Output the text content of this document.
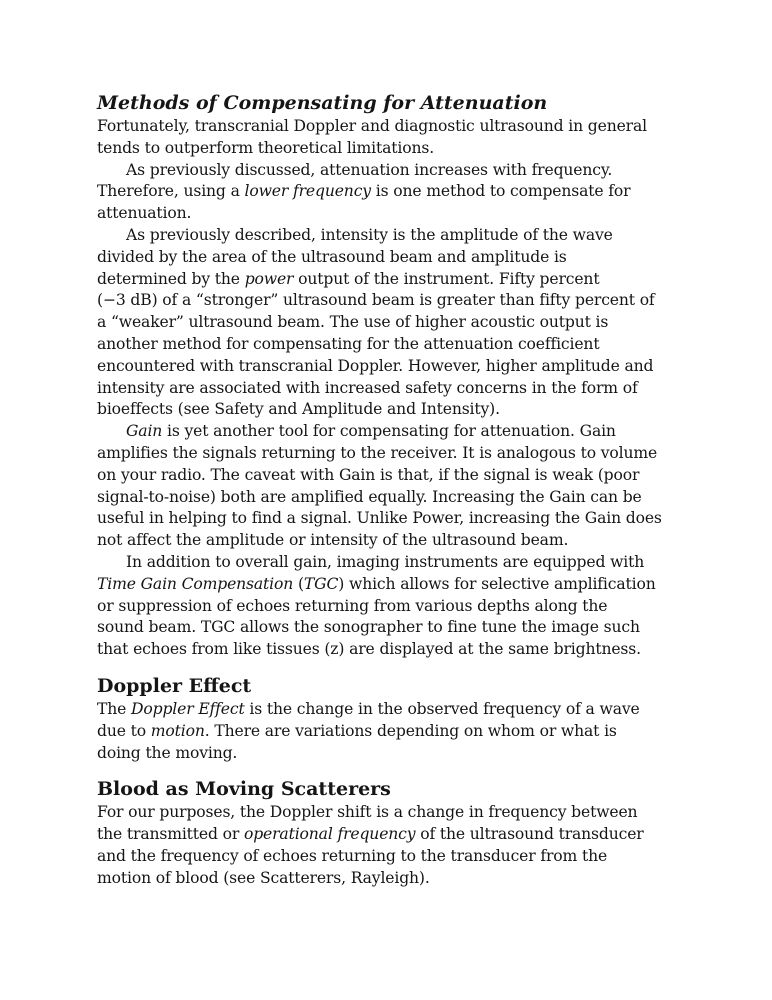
Methods of Compensating for Attenuation

Fortunately, transcranial Doppler and diagnostic ultrasound in general
tends to outperform theoretical limitations.

As previously discussed, attenuation increases with frequency.
Therefore, using a lower frequency is one method to compensate for
attenuation.

As previously described, intensity is the amplitude of the wave
divided by the area of the ultrasound beam and amplitude is
determined by the power output of the instrument. Fifty percent
(−3 dB) of a “stronger” ultrasound beam is greater than fifty percent of
a “weaker” ultrasound beam. The use of higher acoustic output is
another method for compensating for the attenuation coefficient
encountered with transcranial Doppler. However, higher amplitude and
intensity are associated with increased safety concerns in the form of
bioeffects (see Safety and Amplitude and Intensity).

Gain is yet another tool for compensating for attenuation. Gain
amplifies the signals returning to the receiver. It is analogous to volume
on your radio. The caveat with Gain is that, if the signal is weak (poor
signal-to-noise) both are amplified equally. Increasing the Gain can be
useful in helping to find a signal. Unlike Power, increasing the Gain does
not affect the amplitude or intensity of the ultrasound beam.

In addition to overall gain, imaging instruments are equipped with
Time Gain Compensation (TGC) which allows for selective amplification
or suppression of echoes returning from various depths along the
sound beam. TGC allows the sonographer to fine tune the image such
that echoes from like tissues (z) are displayed at the same brightness.

Doppler Effect

The Doppler Effect is the change in the observed frequency of a wave
due to motion. There are variations depending on whom or what is
doing the moving.

Blood as Moving Scatterers

For our purposes, the Doppler shift is a change in frequency between
the transmitted or operational frequency of the ultrasound transducer
and the frequency of echoes returning to the transducer from the
motion of blood (see Scatterers, Rayleigh).
